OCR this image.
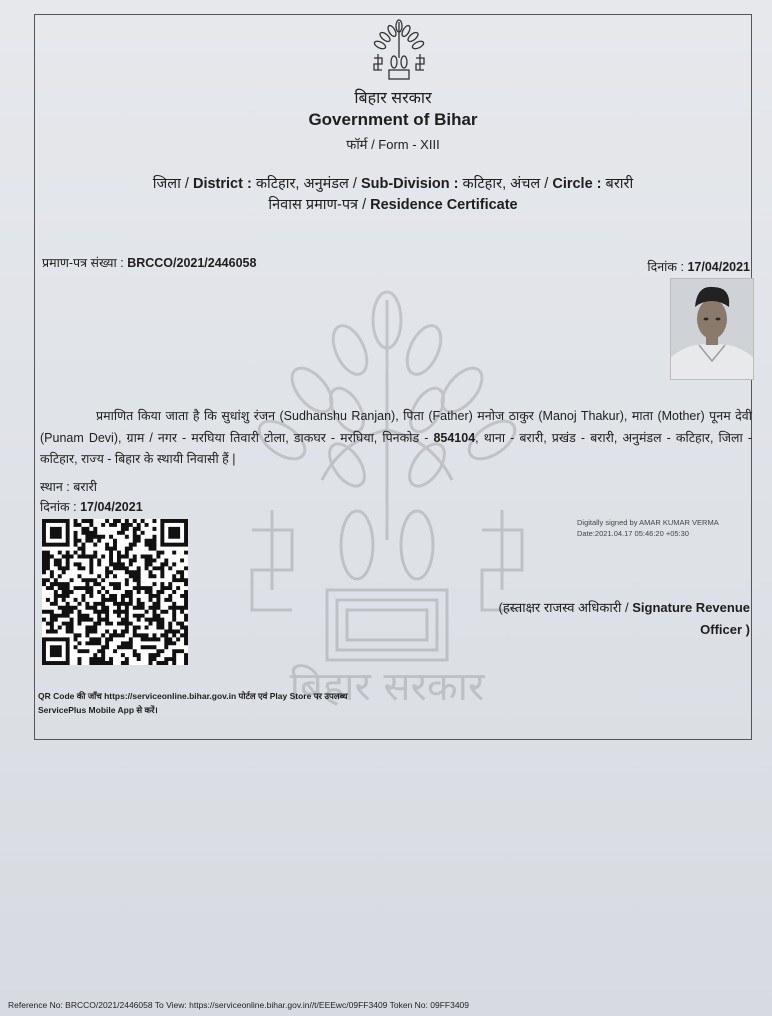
बिहार सरकार
बिहार सरकार
Government of Bihar
फॉर्म / Form - XIII
जिला / District : कटिहार, अनुमंडल / Sub-Division : कटिहार, अंचल / Circle : बरारी
निवास प्रमाण-पत्र / Residence Certificate
प्रमाण-पत्र संख्या : BRCCO/2021/2446058	दिनांक : 17/04/2021
प्रमाणित किया जाता है कि सुधांशु रंजन (Sudhanshu Ranjan), पिता (Father) मनोज ठाकुर (Manoj Thakur), माता (Mother) पूनम देवी (Punam Devi), ग्राम / नगर - मरघिया तिवारी टोला, डाकघर - मरघिया, पिनकोड - 854104, थाना - बरारी, प्रखंड - बरारी, अनुमंडल - कटिहार, जिला - कटिहार, राज्य - बिहार के स्थायी निवासी हैं |
स्थान : बरारी
दिनांक : 17/04/2021
Digitally signed by AMAR KUMAR VERMA
Date:2021.04.17 05:46:20 +05:30
(हस्ताक्षर राजस्व अधिकारी / Signature Revenue
Officer )
QR Code की जाँच https://serviceonline.bihar.gov.in पोर्टल एवं Play Store पर उपलब्ध
ServicePlus Mobile App से करें।
Reference No: BRCCO/2021/2446058 To View: https://serviceonline.bihar.gov.in//t/EEEwc/09FF3409 Token No: 09FF3409
